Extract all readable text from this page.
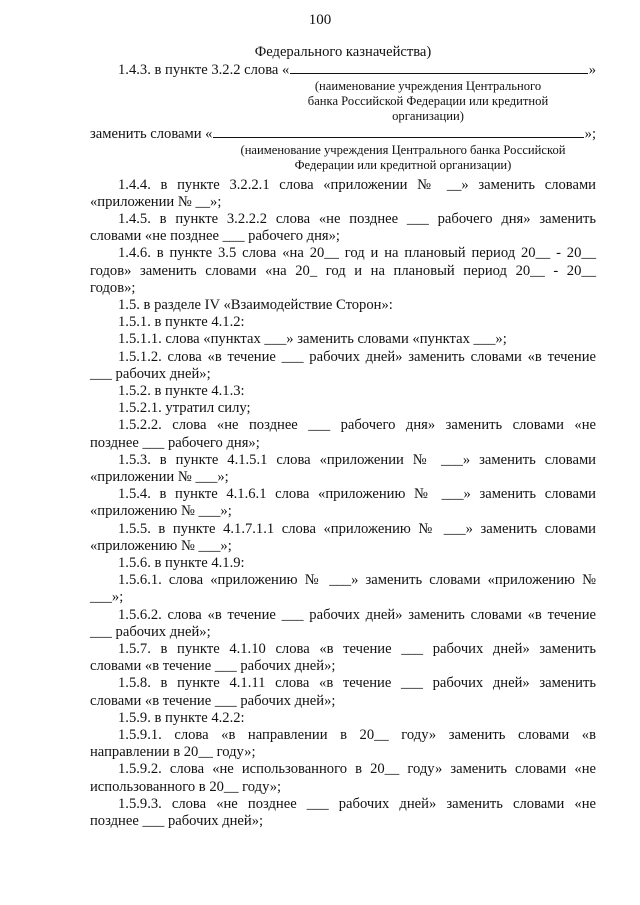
100
Федерального казначейства)
1.4.3. в пункте 3.2.2 слова «	»
(наименование учреждения Центрального
банка Российской Федерации или кредитной
организации)
заменить словами «	»;
(наименование учреждения Центрального банка Российской
Федерации или кредитной организации)
1.4.4. в пункте 3.2.2.1 слова «приложении № __» заменить словами
«приложении № __»;
1.4.5. в пункте 3.2.2.2 слова «не позднее ___ рабочего дня» заменить
словами «не позднее ___ рабочего дня»;
1.4.6. в пункте 3.5 слова «на 20__ год и на плановый период 20__ - 20__
годов» заменить словами «на 20_ год и на плановый период 20__ - 20__
годов»;
1.5. в разделе IV «Взаимодействие Сторон»:
1.5.1. в пункте 4.1.2:
1.5.1.1. слова «пунктах ___» заменить словами «пунктах ___»;
1.5.1.2. слова «в течение ___ рабочих дней» заменить словами «в течение
___ рабочих дней»;
1.5.2. в пункте 4.1.3:
1.5.2.1. утратил силу;
1.5.2.2. слова «не позднее ___ рабочего дня» заменить словами «не
позднее ___ рабочего дня»;
1.5.3. в пункте 4.1.5.1 слова «приложении № ___» заменить словами
«приложении № ___»;
1.5.4. в пункте 4.1.6.1 слова «приложению № ___» заменить словами
«приложению № ___»;
1.5.5. в пункте 4.1.7.1.1 слова «приложению № ___» заменить словами
«приложению № ___»;
1.5.6. в пункте 4.1.9:
1.5.6.1. слова «приложению № ___» заменить словами «приложению №
___»;
1.5.6.2. слова «в течение ___ рабочих дней» заменить словами «в течение
___ рабочих дней»;
1.5.7. в пункте 4.1.10 слова «в течение ___ рабочих дней» заменить
словами «в течение ___ рабочих дней»;
1.5.8. в пункте 4.1.11 слова «в течение ___ рабочих дней» заменить
словами «в течение ___ рабочих дней»;
1.5.9. в пункте 4.2.2:
1.5.9.1. слова «в направлении в 20__ году» заменить словами «в
направлении в 20__ году»;
1.5.9.2. слова «не использованного в 20__ году» заменить словами «не
использованного в 20__ году»;
1.5.9.3. слова «не позднее ___ рабочих дней» заменить словами «не
позднее ___ рабочих дней»;
